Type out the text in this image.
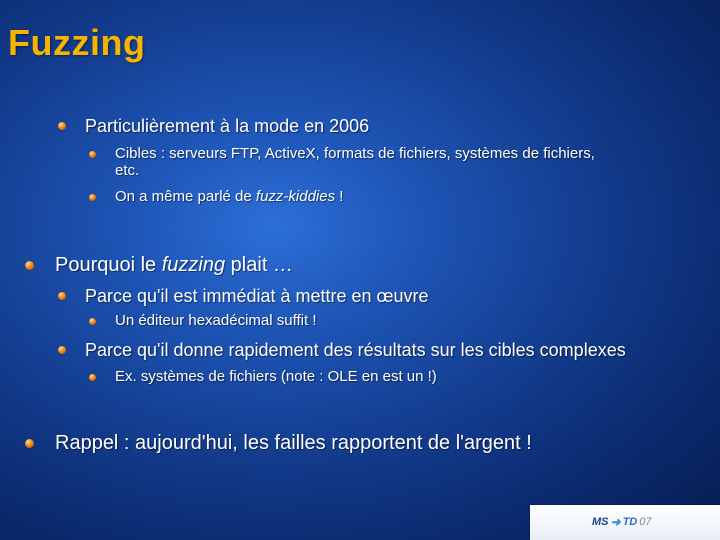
Fuzzing
Particulièrement à la mode en 2006
Cibles : serveurs FTP, ActiveX, formats de fichiers, systèmes de fichiers,
etc.
On a même parlé de fuzz-kiddies !
Pourquoi le fuzzing plait …
Parce qu'il est immédiat à mettre en œuvre
Un éditeur hexadécimal suffit !
Parce qu'il donne rapidement des résultats sur les cibles complexes
Ex. systèmes de fichiers (note : OLE en est un !)
Rappel : aujourd'hui, les failles rapportent de l'argent !
MS ➜ TD 07
